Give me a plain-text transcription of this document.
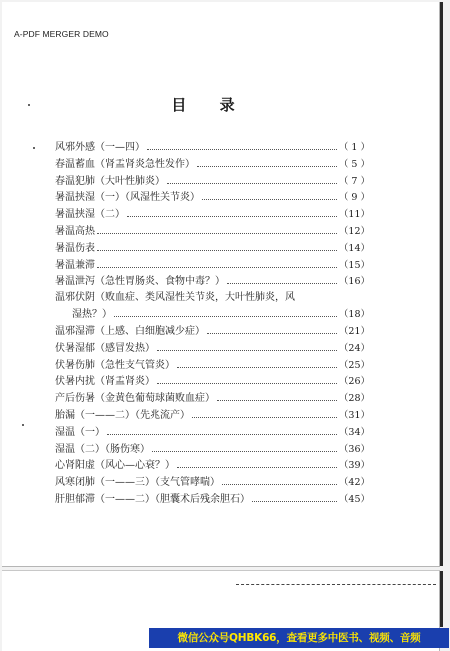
A-PDF MERGER DEMO
目 录
风邪外感（一—四）	（ 1 ）
春温蓄血（肾盂肾炎急性发作）	（ 5 ）
春温犯肺（大叶性肺炎）	（ 7 ）
暑温挟湿（一）（风湿性关节炎）	（ 9 ）
暑温挟湿（二）	（11）
暑温高热	（12）
暑温伤表	（14）
暑温兼滞	（15）
暑温泄泻（急性胃肠炎、食物中毒？）	（16）
温邪伏阴（败血症、类风湿性关节炎，大叶性肺炎，风
湿热？）	（18）
温邪湿滞（上感、白细胞减少症）	（21）
伏暑湿郁（感冒发热）	（24）
伏暑伤肺（急性支气管炎）	（25）
伏暑内扰（肾盂肾炎）	（26）
产后伤暑（金黄色葡萄球菌败血症）	（28）
胎漏（一——二）（先兆流产）	（31）
湿温（一）	（34）
湿温（二）（肠伤寒）	（36）
心肾阳虚（风心—心衰？）	（39）
风寒闭肺（一——三）（支气管哮喘）	（42）
肝胆郁滞（一——二）（胆囊术后残余胆石）	（45）
微信公众号QHBK66，查看更多中医书、视频、音频
